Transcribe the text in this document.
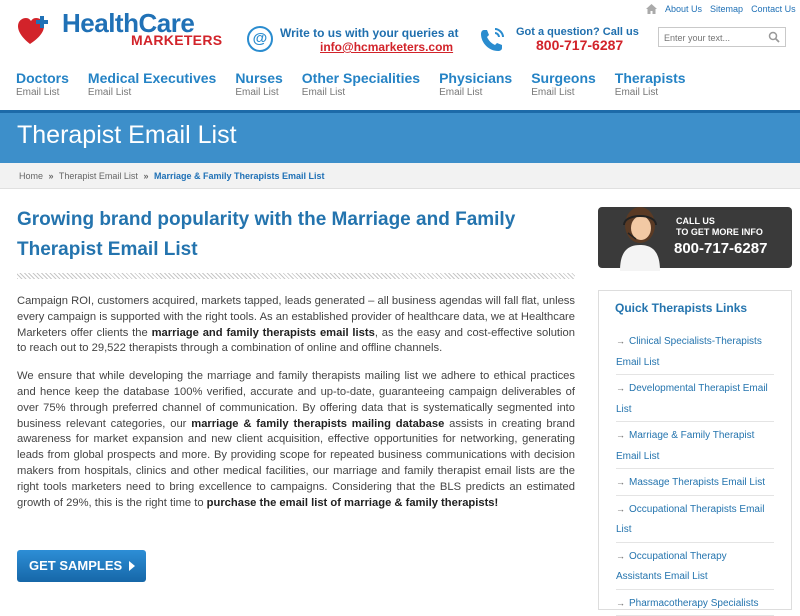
HealthCare
MARKETERS	@	Write to us with your queries at
info@hcmarketers.com
Got a question? Call us
800-717-6287
About Us Sitemap Contact Us
Enter your text...
Doctors
Email List
Medical Executives
Email List
Nurses
Email List
Other Specialities
Email List
Physicians
Email List
Surgeons
Email List
Therapists
Email List
Therapist Email List
Home » Therapist Email List » Marriage & Family Therapists Email List
Growing brand popularity with the Marriage and Family Therapist Email List

Campaign ROI, customers acquired, markets tapped, leads generated – all business agendas will fall flat, unless every campaign is supported with the right tools. As an established provider of healthcare data, we at Healthcare Marketers offer clients the marriage and family therapists email lists, as the easy and cost-effective solution to reach out to 29,522 therapists through a combination of online and offline channels.

We ensure that while developing the marriage and family therapists mailing list we adhere to ethical practices and hence keep the database 100% verified, accurate and up-to-date, guaranteeing campaign deliverables of over 75% through preferred channel of communication. By offering data that is systematically segmented into business relevant categories, our marriage & family therapists mailing database assists in creating brand awareness for market expansion and new client acquisition, effective opportunities for networking, generating leads from global prospects and more. By providing scope for repeated business communications with decision makers from hospitals, clinics and other medical facilities, our marriage and family therapist email lists are the right tools marketers need to bring excellence to campaigns. Considering that the BLS predicts an estimated growth of 29%, this is the right time to purchase the email list of marriage & family therapists!

GET SAMPLES
CALL US
TO GET MORE INFO
800-717-6287
Quick Therapists Links
→ Clinical Specialists-Therapists Email List
→ Developmental Therapist Email List
→ Marriage & Family Therapist Email List
→ Massage Therapists Email List
→ Occupational Therapists Email List
→ Occupational Therapy Assistants Email List
→ Pharmacotherapy Specialists
